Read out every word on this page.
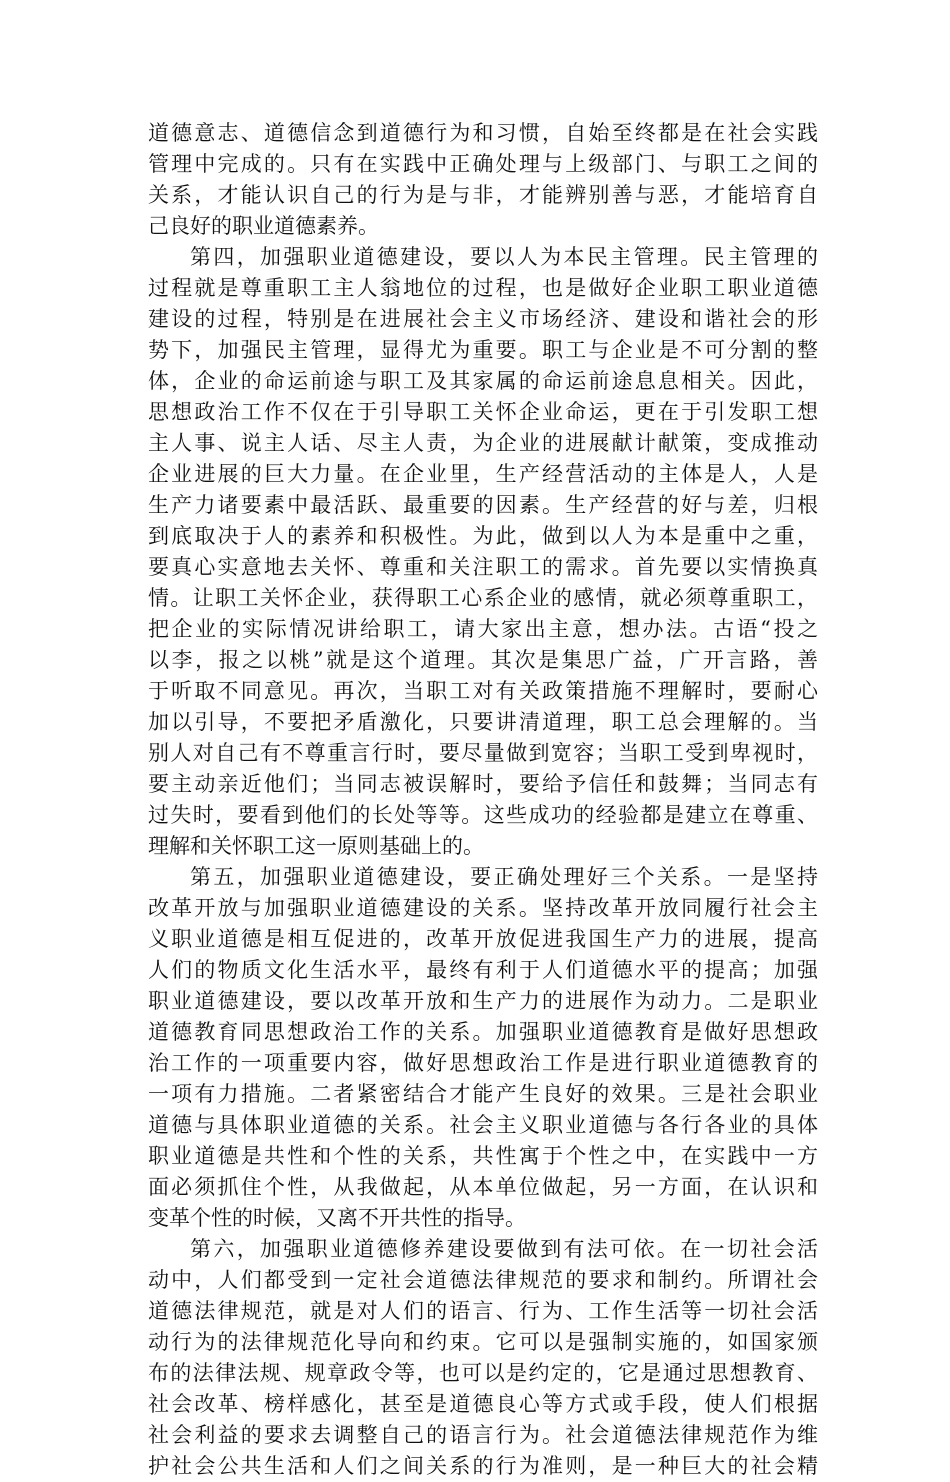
道德意志、道德信念到道德行为和习惯，自始至终都是在社会实践
管理中完成的。只有在实践中正确处理与上级部门、与职工之间的
关系，才能认识自己的行为是与非，才能辨别善与恶，才能培育自
己良好的职业道德素养。
第四，加强职业道德建设，要以人为本民主管理。民主管理的
过程就是尊重职工主人翁地位的过程，也是做好企业职工职业道德
建设的过程，特别是在进展社会主义市场经济、建设和谐社会的形
势下，加强民主管理，显得尤为重要。职工与企业是不可分割的整
体，企业的命运前途与职工及其家属的命运前途息息相关。因此，
思想政治工作不仅在于引导职工关怀企业命运，更在于引发职工想
主人事、说主人话、尽主人责，为企业的进展献计献策，变成推动
企业进展的巨大力量。在企业里，生产经营活动的主体是人，人是
生产力诸要素中最活跃、最重要的因素。生产经营的好与差，归根
到底取决于人的素养和积极性。为此，做到以人为本是重中之重，
要真心实意地去关怀、尊重和关注职工的需求。首先要以实情换真
情。让职工关怀企业，获得职工心系企业的感情，就必须尊重职工，
把企业的实际情况讲给职工，请大家出主意，想办法。古语“投之
以李，报之以桃”就是这个道理。其次是集思广益，广开言路，善
于听取不同意见。再次，当职工对有关政策措施不理解时，要耐心
加以引导，不要把矛盾激化，只要讲清道理，职工总会理解的。当
别人对自己有不尊重言行时，要尽量做到宽容；当职工受到卑视时，
要主动亲近他们；当同志被误解时，要给予信任和鼓舞；当同志有
过失时，要看到他们的长处等等。这些成功的经验都是建立在尊重、
理解和关怀职工这一原则基础上的。
第五，加强职业道德建设，要正确处理好三个关系。一是坚持
改革开放与加强职业道德建设的关系。坚持改革开放同履行社会主
义职业道德是相互促进的，改革开放促进我国生产力的进展，提高
人们的物质文化生活水平，最终有利于人们道德水平的提高；加强
职业道德建设，要以改革开放和生产力的进展作为动力。二是职业
道德教育同思想政治工作的关系。加强职业道德教育是做好思想政
治工作的一项重要内容，做好思想政治工作是进行职业道德教育的
一项有力措施。二者紧密结合才能产生良好的效果。三是社会职业
道德与具体职业道德的关系。社会主义职业道德与各行各业的具体
职业道德是共性和个性的关系，共性寓于个性之中，在实践中一方
面必须抓住个性，从我做起，从本单位做起，另一方面，在认识和
变革个性的时候，又离不开共性的指导。
第六，加强职业道德修养建设要做到有法可依。在一切社会活
动中，人们都受到一定社会道德法律规范的要求和制约。所谓社会
道德法律规范，就是对人们的语言、行为、工作生活等一切社会活
动行为的法律规范化导向和约束。它可以是强制实施的，如国家颁
布的法律法规、规章政令等，也可以是约定的，它是通过思想教育、
社会改革、榜样感化，甚至是道德良心等方式或手段，使人们根据
社会利益的要求去调整自己的语言行为。社会道德法律规范作为维
护社会公共生活和人们之间关系的行为准则，是一种巨大的社会精
